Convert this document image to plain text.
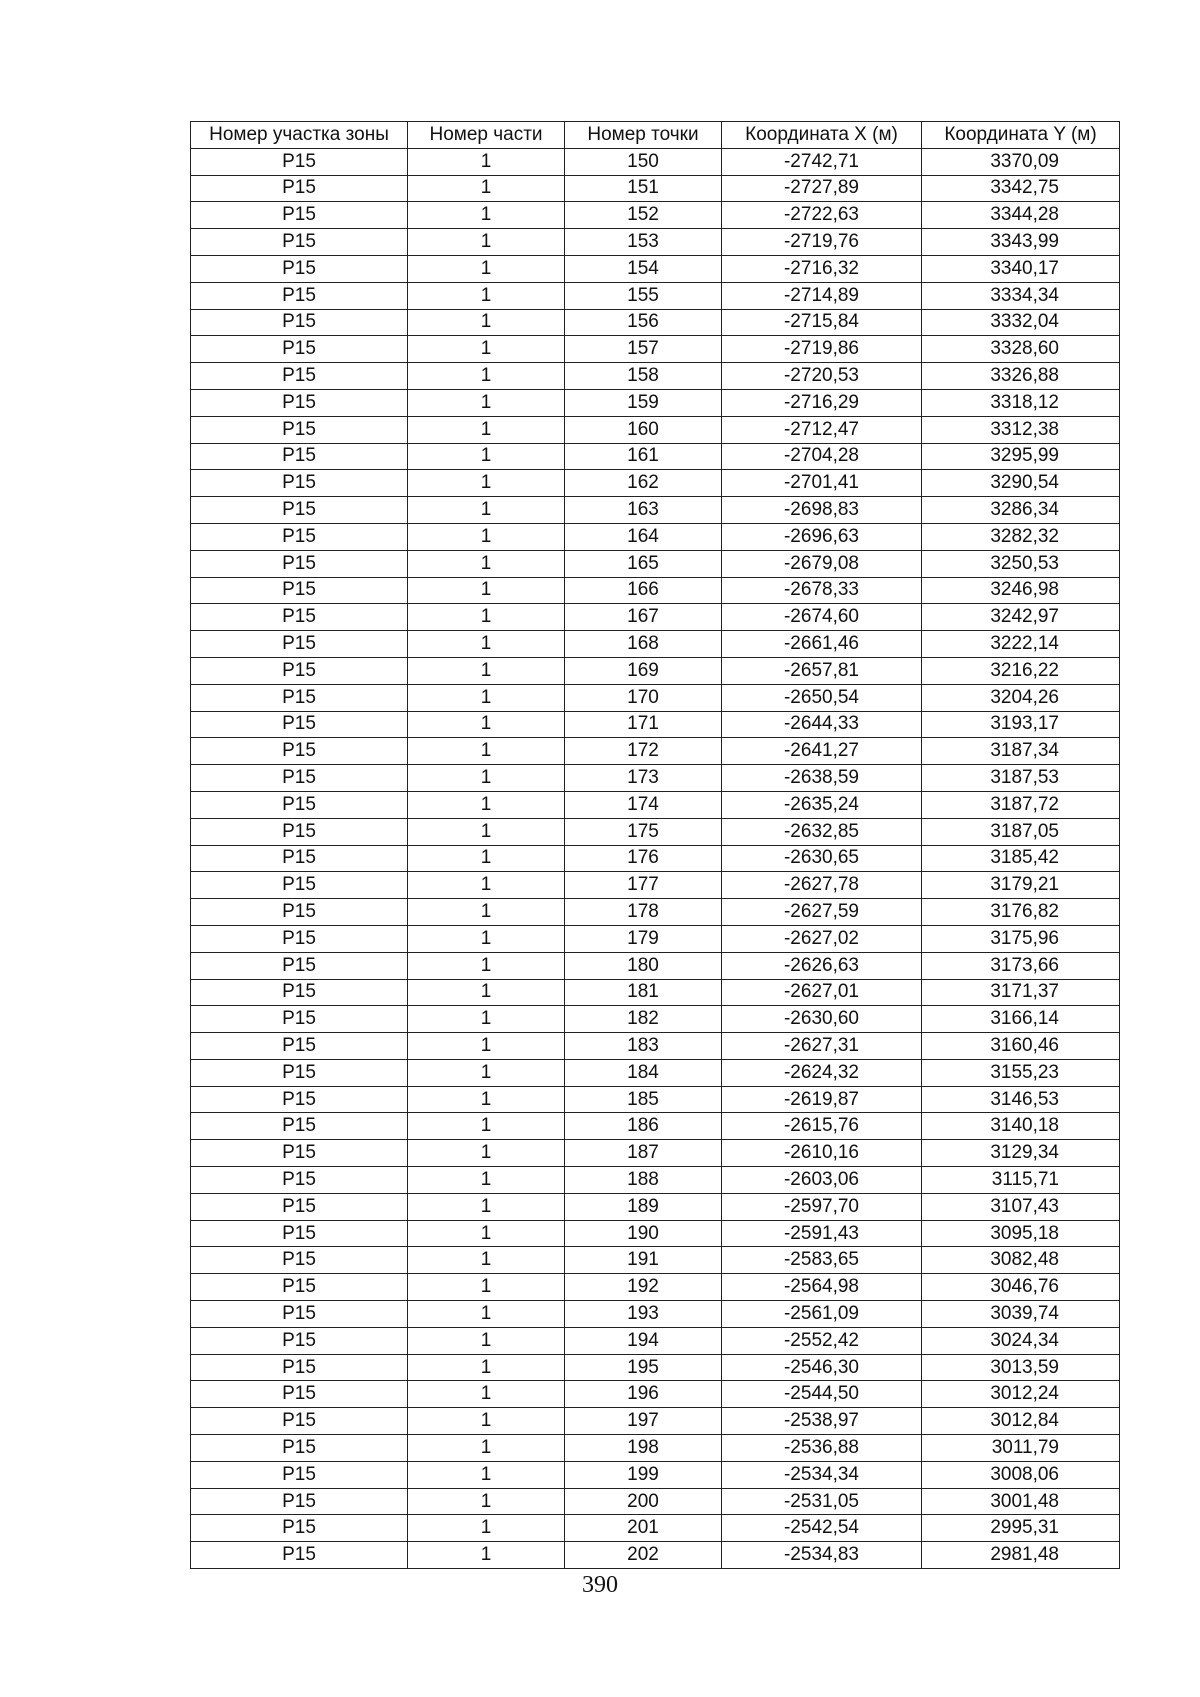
Номер участка зоны	Номер части	Номер точки	Координата X (м)	Координата Y (м)
P15	1	150	-2742,71	3370,09
P15	1	151	-2727,89	3342,75
P15	1	152	-2722,63	3344,28
P15	1	153	-2719,76	3343,99
P15	1	154	-2716,32	3340,17
P15	1	155	-2714,89	3334,34
P15	1	156	-2715,84	3332,04
P15	1	157	-2719,86	3328,60
P15	1	158	-2720,53	3326,88
P15	1	159	-2716,29	3318,12
P15	1	160	-2712,47	3312,38
P15	1	161	-2704,28	3295,99
P15	1	162	-2701,41	3290,54
P15	1	163	-2698,83	3286,34
P15	1	164	-2696,63	3282,32
P15	1	165	-2679,08	3250,53
P15	1	166	-2678,33	3246,98
P15	1	167	-2674,60	3242,97
P15	1	168	-2661,46	3222,14
P15	1	169	-2657,81	3216,22
P15	1	170	-2650,54	3204,26
P15	1	171	-2644,33	3193,17
P15	1	172	-2641,27	3187,34
P15	1	173	-2638,59	3187,53
P15	1	174	-2635,24	3187,72
P15	1	175	-2632,85	3187,05
P15	1	176	-2630,65	3185,42
P15	1	177	-2627,78	3179,21
P15	1	178	-2627,59	3176,82
P15	1	179	-2627,02	3175,96
P15	1	180	-2626,63	3173,66
P15	1	181	-2627,01	3171,37
P15	1	182	-2630,60	3166,14
P15	1	183	-2627,31	3160,46
P15	1	184	-2624,32	3155,23
P15	1	185	-2619,87	3146,53
P15	1	186	-2615,76	3140,18
P15	1	187	-2610,16	3129,34
P15	1	188	-2603,06	3115,71
P15	1	189	-2597,70	3107,43
P15	1	190	-2591,43	3095,18
P15	1	191	-2583,65	3082,48
P15	1	192	-2564,98	3046,76
P15	1	193	-2561,09	3039,74
P15	1	194	-2552,42	3024,34
P15	1	195	-2546,30	3013,59
P15	1	196	-2544,50	3012,24
P15	1	197	-2538,97	3012,84
P15	1	198	-2536,88	3011,79
P15	1	199	-2534,34	3008,06
P15	1	200	-2531,05	3001,48
P15	1	201	-2542,54	2995,31
P15	1	202	-2534,83	2981,48
390
